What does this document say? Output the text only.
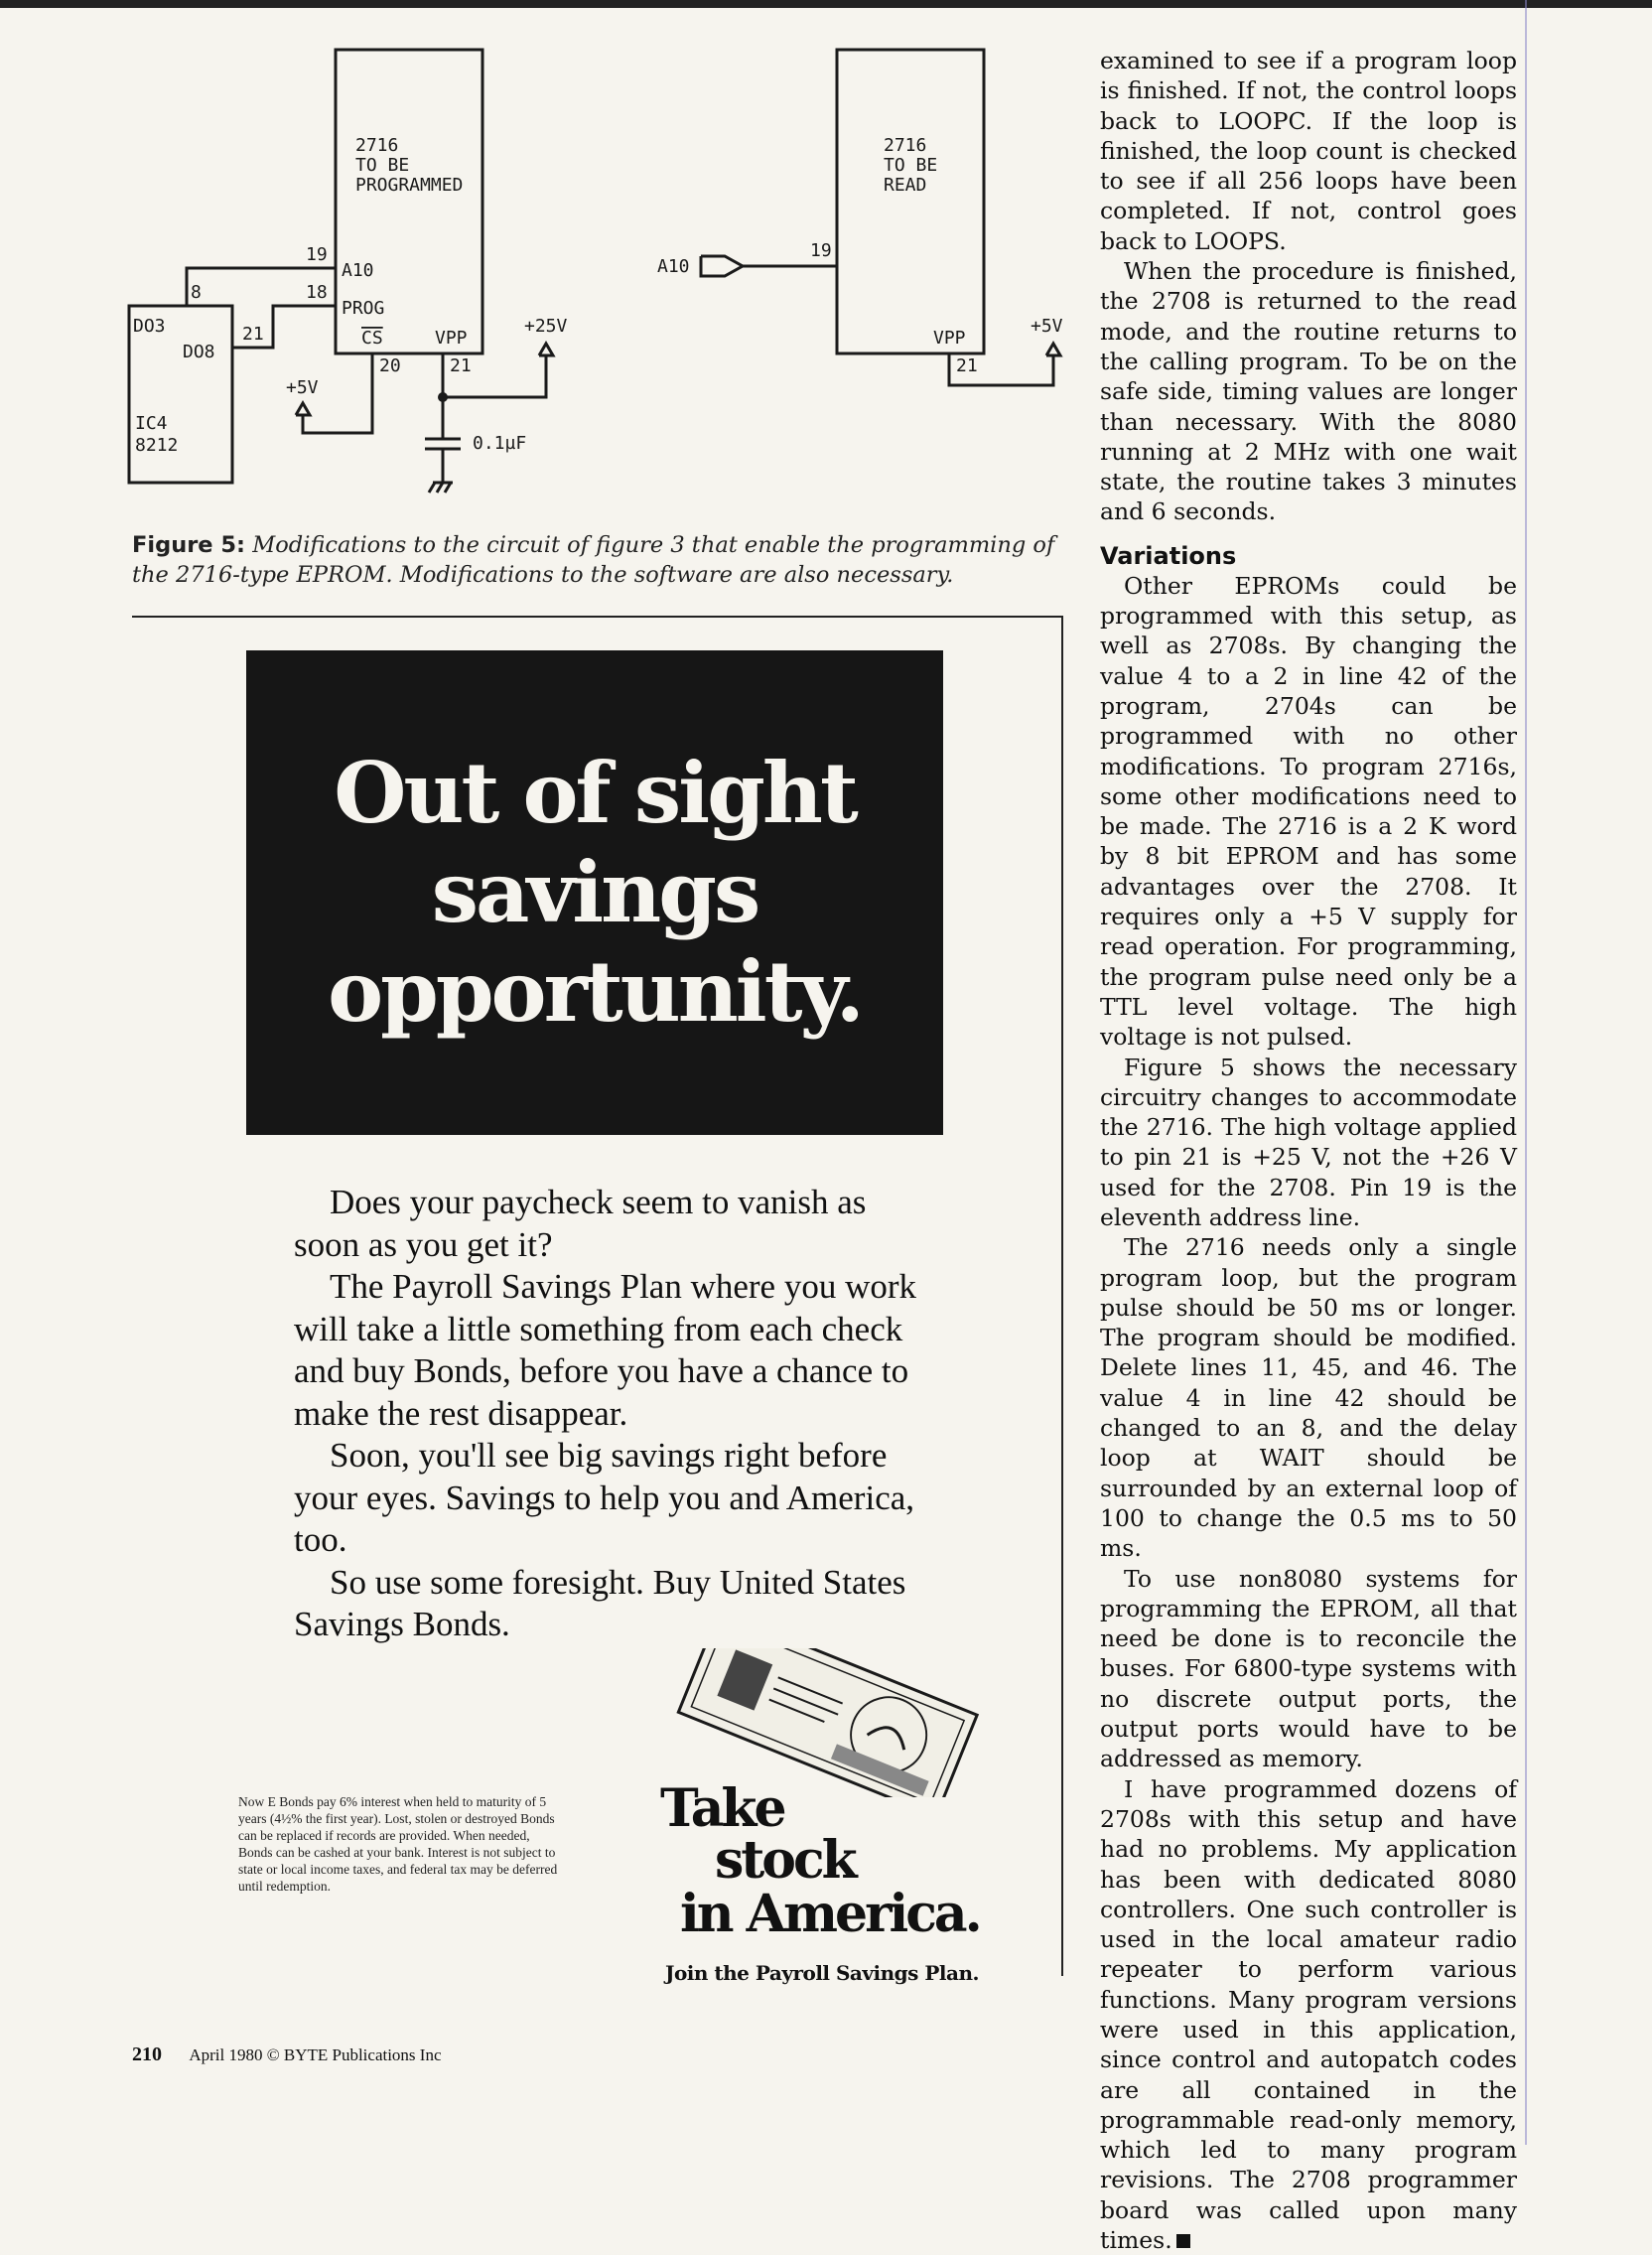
2716
TO BE
PROGRAMMED
A10
PROG
CS	VPP
19
18
8
21
20	21
+25V
+5V
0.1µF
DO3
DO8
IC4
8212
A10
19
2716
TO BE
READ
VPP
21
+5V
Figure 5: Modifications to the circuit of figure 3 that enable the programming of the 2716-type EPROM. Modifications to the software are also necessary.
Out of sight
savings
opportunity.

Does your paycheck seem to vanish as soon as you get it?

The Payroll Savings Plan where you work will take a little something from each check and buy Bonds, before you have a chance to make the rest disappear.

Soon, you'll see big savings right before your eyes. Savings to help you and America, too.

So use some foresight. Buy United States Savings Bonds.

Now E Bonds pay 6% interest when held to maturity of 5 years (4½% the first year). Lost, stolen or destroyed Bonds can be replaced if records are provided. When needed, Bonds can be cashed at your bank. Interest is not subject to state or local income taxes, and federal tax may be deferred until redemption.
Take
stock
in America.
Join the Payroll Savings Plan.

examined to see if a program loop is finished. If not, the control loops back to LOOPC. If the loop is finished, the loop count is checked to see if all 256 loops have been completed. If not, control goes back to LOOPS.

When the procedure is finished, the 2708 is returned to the read mode, and the routine returns to the calling program. To be on the safe side, timing values are longer than necessary. With the 8080 running at 2 MHz with one wait state, the routine takes 3 minutes and 6 seconds.

Variations

Other EPROMs could be programmed with this setup, as well as 2708s. By changing the value 4 to a 2 in line 42 of the program, 2704s can be programmed with no other modifications. To program 2716s, some other modifications need to be made. The 2716 is a 2 K word by 8 bit EPROM and has some advantages over the 2708. It requires only a +5 V supply for read operation. For programming, the program pulse need only be a TTL level voltage. The high voltage is not pulsed.

Figure 5 shows the necessary circuitry changes to accommodate the 2716. The high voltage applied to pin 21 is +25 V, not the +26 V used for the 2708. Pin 19 is the eleventh address line.

The 2716 needs only a single program loop, but the program pulse should be 50 ms or longer. The program should be modified. Delete lines 11, 45, and 46. The value 4 in line 42 should be changed to an 8, and the delay loop at WAIT should be surrounded by an external loop of 100 to change the 0.5 ms to 50 ms.

To use non8080 systems for programming the EPROM, all that need be done is to reconcile the buses. For 6800-type systems with no discrete output ports, the output ports would have to be addressed as memory.

I have programmed dozens of 2708s with this setup and have had no problems. My application has been with dedicated 8080 controllers. One such controller is used in the local amateur radio repeater to perform various functions. Many program versions were used in this application, since control and autopatch codes are all contained in the programmable read-only memory, which led to many program revisions. The 2708 programmer board was called upon many times.

210 April 1980 © BYTE Publications Inc
